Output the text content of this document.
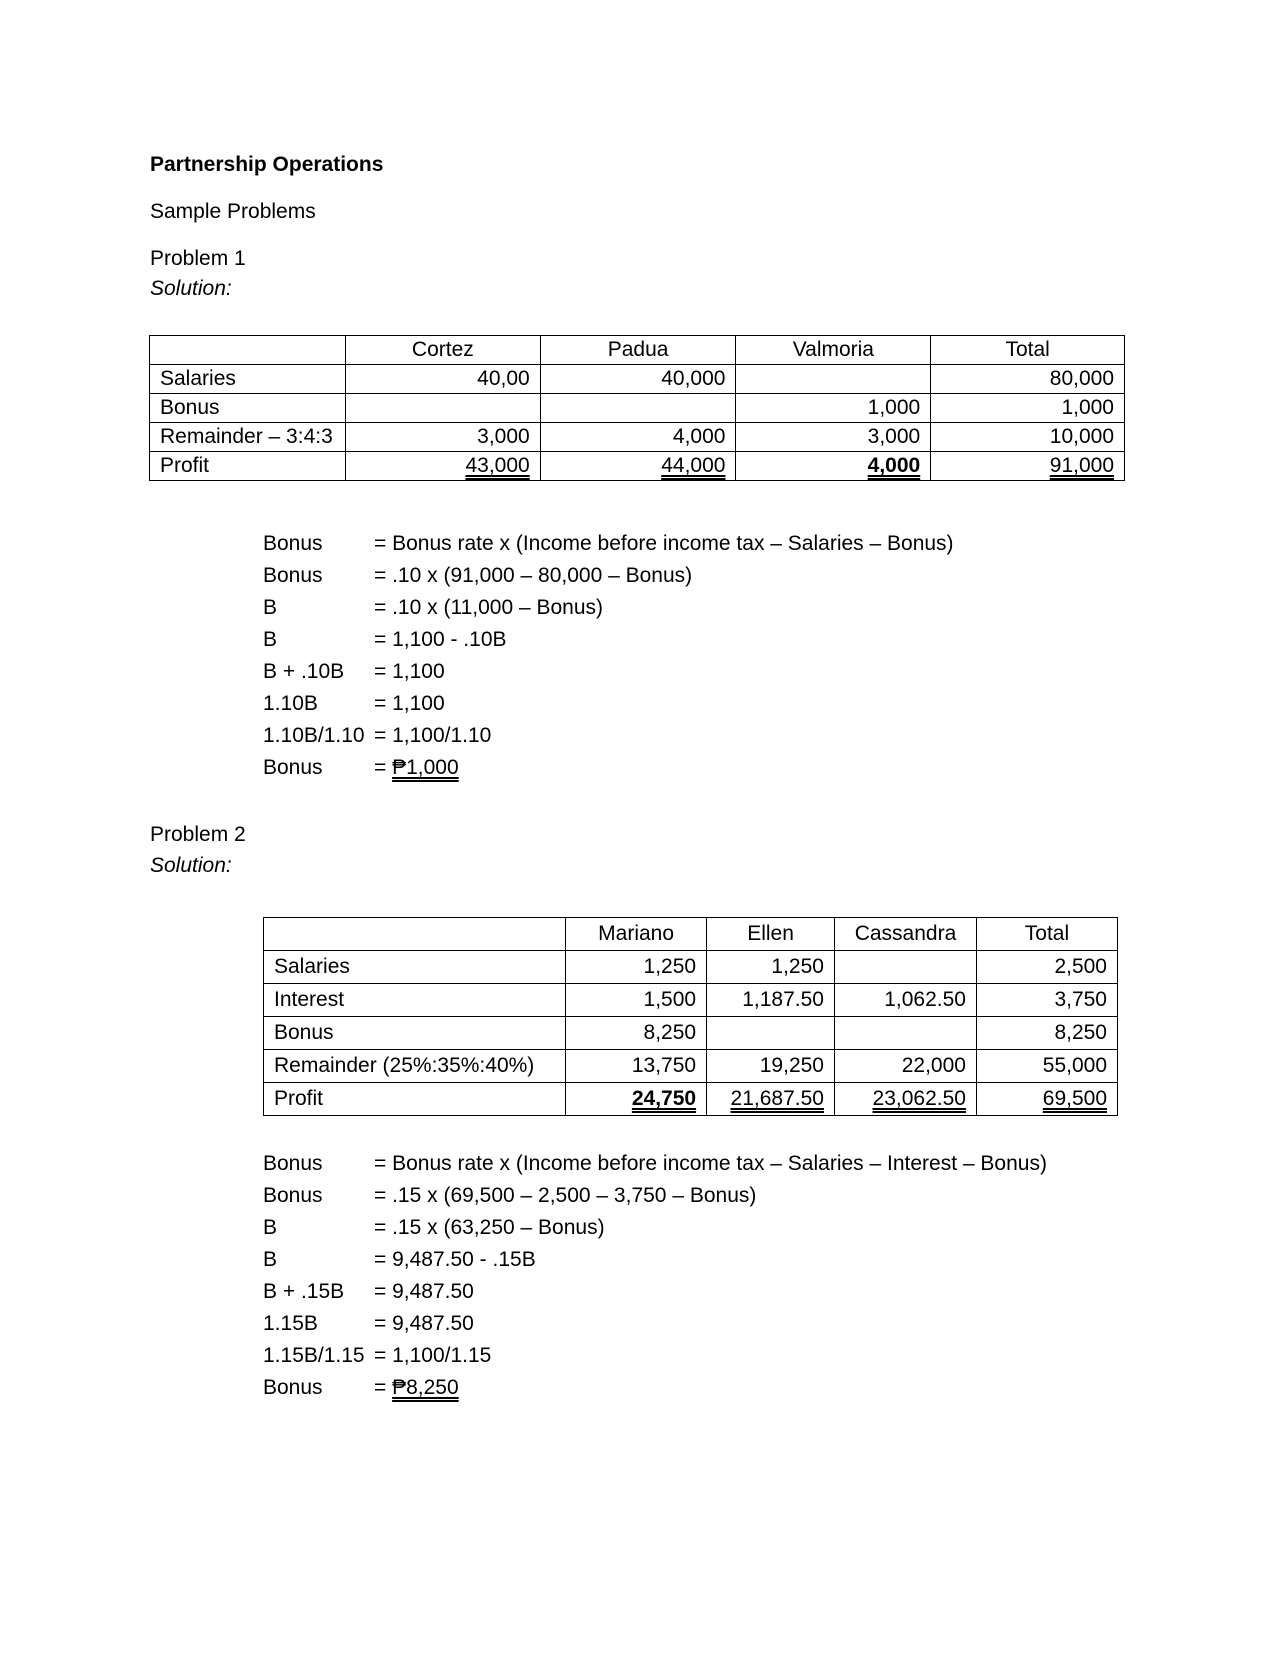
Partnership Operations
Sample Problems
Problem 1
Solution:
	Cortez	Padua	Valmoria	Total
Salaries	40,00	40,000		80,000
Bonus			1,000	1,000
Remainder – 3:4:3	3,000	4,000	3,000	10,000
Profit	43,000	44,000	4,000	91,000
Bonus = Bonus rate x (Income before income tax – Salaries – Bonus)
Bonus = .10 x (91,000 – 80,000 – Bonus)
B	= .10 x (11,000 – Bonus)
B	= 1,100 - .10B
B + .10B = 1,100
1.10B	= 1,100
1.10B/1.10 = 1,100/1.10
Bonus = ₱1,000
Problem 2
Solution:
	Mariano	Ellen	Cassandra	Total
Salaries	1,250	1,250		2,500
Interest	1,500	1,187.50	1,062.50	3,750
Bonus	8,250			8,250
Remainder (25%:35%:40%)	13,750	19,250	22,000	55,000
Profit	24,750	21,687.50	23,062.50	69,500
Bonus = Bonus rate x (Income before income tax – Salaries – Interest – Bonus)
Bonus = .15 x (69,500 – 2,500 – 3,750 – Bonus)
B	= .15 x (63,250 – Bonus)
B	= 9,487.50 - .15B
B + .15B = 9,487.50
1.15B	= 9,487.50
1.15B/1.15 = 1,100/1.15
Bonus = ₱8,250
